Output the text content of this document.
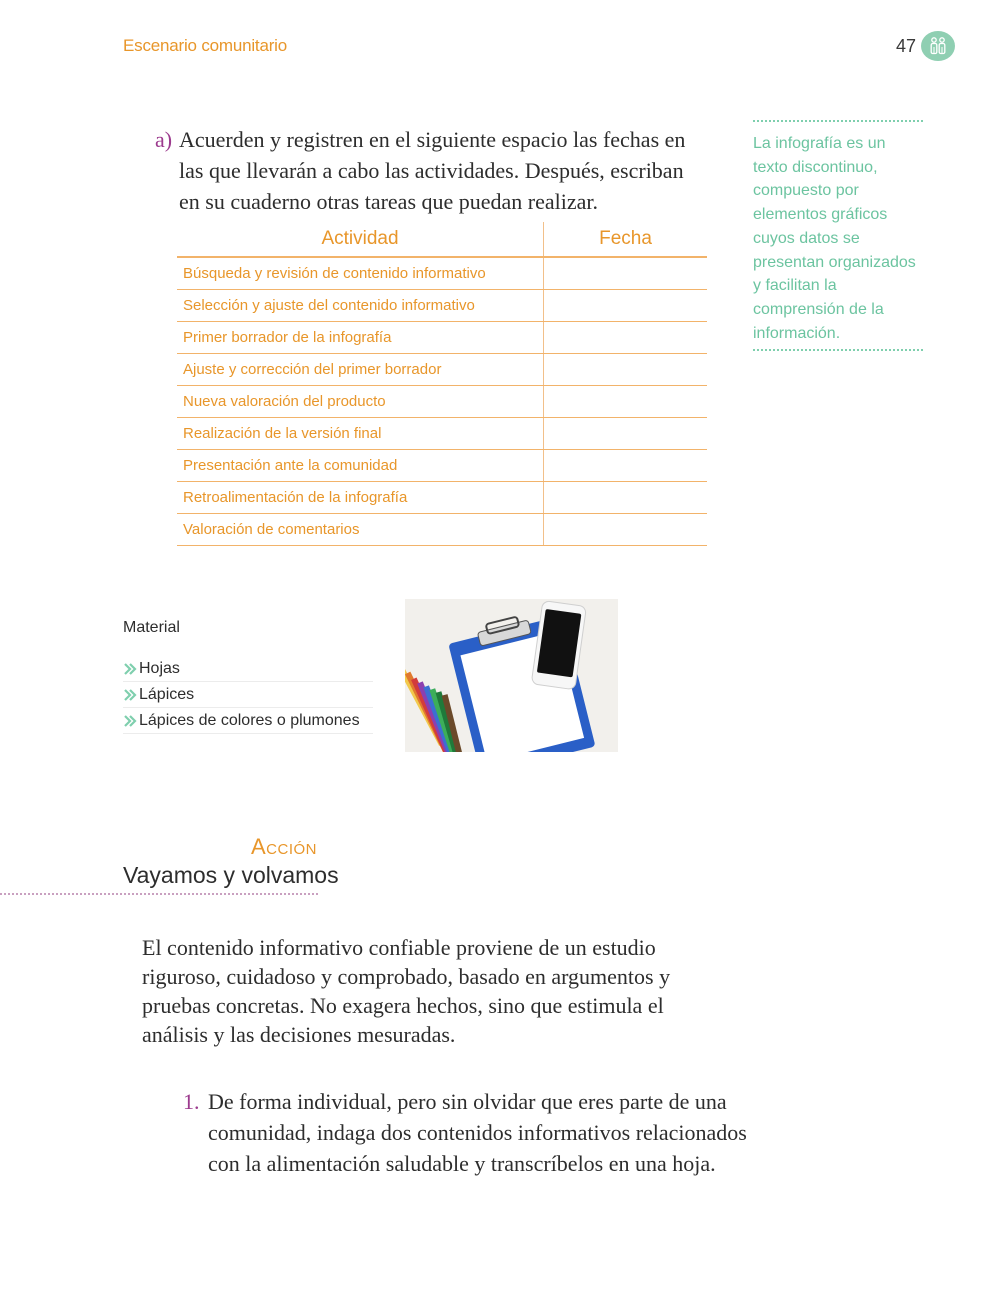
Escenario comunitario	47
a) Acuerden y registren en el siguiente espacio las fechas en las que llevarán a cabo las actividades. Después, escriban en su cuaderno otras tareas que puedan realizar.
Actividad	Fecha
Búsqueda y revisión de contenido informativo	
Selección y ajuste del contenido informativo	
Primer borrador de la infografía	
Ajuste y corrección del primer borrador	
Nueva valoración del producto	
Realización de la versión final	
Presentación ante la comunidad	
Retroalimentación de la infografía	
Valoración de comentarios	
La infografía es un texto discontinuo, compuesto por elementos gráficos cuyos datos se presentan organizados y facilitan la comprensión de la información.
Material
Hojas
Lápices
Lápices de colores o plumones
Acción
Vayamos y volvamos
El contenido informativo confiable proviene de un estudio riguroso, cuidadoso y comprobado, basado en argumentos y pruebas concretas. No exagera hechos, sino que estimula el análisis y las decisiones mesuradas.
1. De forma individual, pero sin olvidar que eres parte de una comunidad, indaga dos contenidos informativos relacionados con la alimentación saludable y transcríbelos en una hoja.
